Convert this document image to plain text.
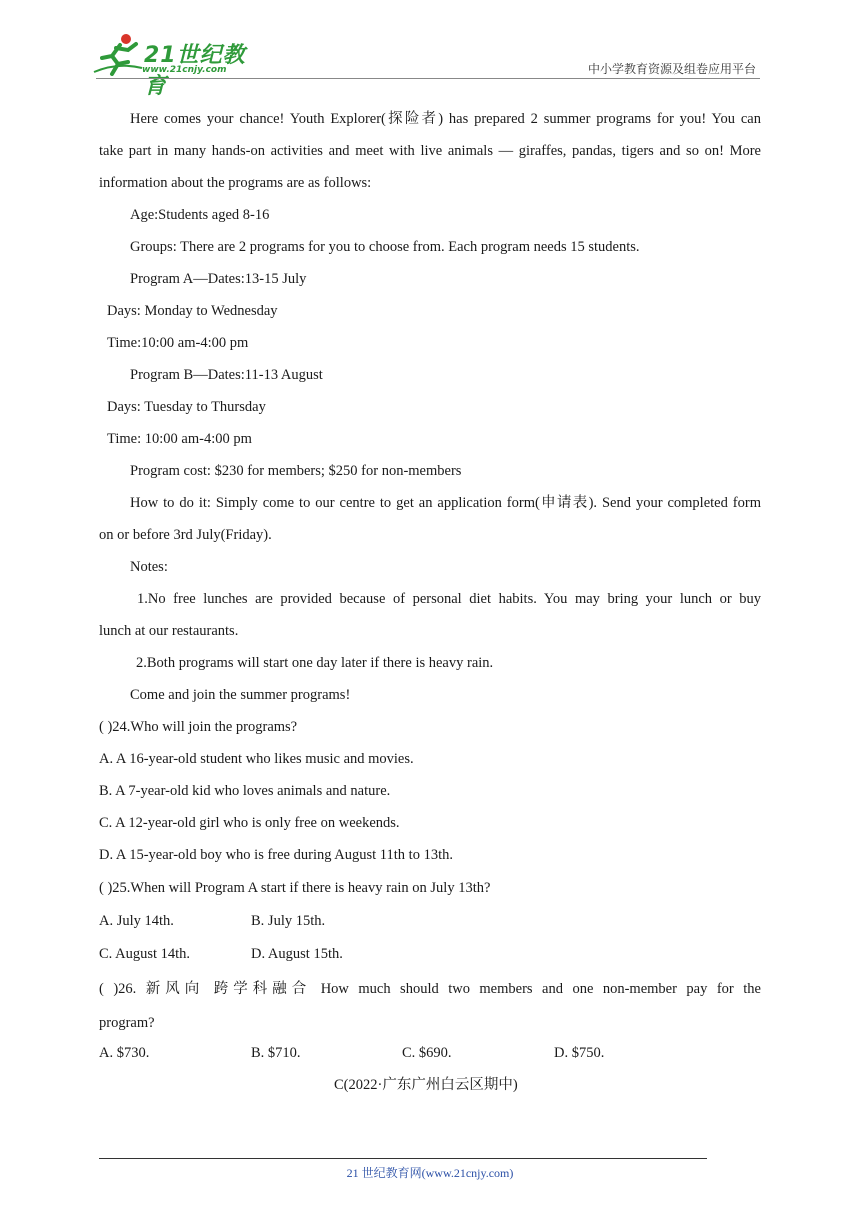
21世纪教育
www.21cnjy.com	中小学教育资源及组卷应用平台
Here comes your chance! Youth Explorer(探险者) has prepared 2 summer programs for you! You can
take part in many hands-on activities and meet with live animals — giraffes, pandas, tigers and so on! More
information about the programs are as follows:
Age:Students aged 8-16
Groups: There are 2 programs for you to choose from. Each program needs 15 students.
Program A—Dates:13-15 July
Days: Monday to Wednesday
Time:10:00 am-4:00 pm
Program B—Dates:11-13 August
Days: Tuesday to Thursday
Time: 10:00 am-4:00 pm
Program cost: $230 for members; $250 for non-members
How to do it: Simply come to our centre to get an application form(申请表). Send your completed form
on or before 3rd July(Friday).
Notes:
1.No free lunches are provided because of personal diet habits. You may bring your lunch or buy
lunch at our restaurants.
2.Both programs will start one day later if there is heavy rain.
Come and join the summer programs!
( )24.Who will join the programs?
A. A 16-year-old student who likes music and movies.
B. A 7-year-old kid who loves animals and nature.
C. A 12-year-old girl who is only free on weekends.
D. A 15-year-old boy who is free during August 11th to 13th.
( )25.When will Program A start if there is heavy rain on July 13th?
A. July 14th.	B. July 15th.
C. August 14th.	D. August 15th.
( )26. 新风向 跨学科融合 How much should two members and one non-member pay for the
program?
A. $730.	B. $710.	C. $690.	D. $750.
C(2022·广东广州白云区期中)
21 世纪教育网(www.21cnjy.com)
